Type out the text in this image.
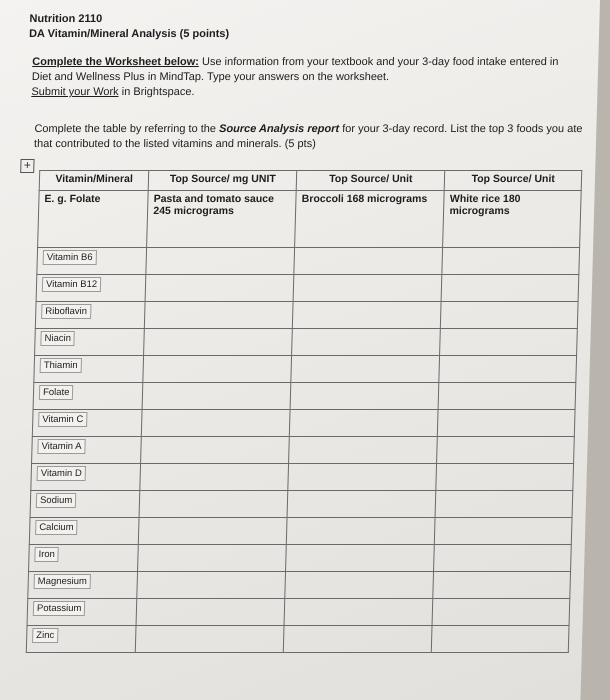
Nutrition 2110
DA Vitamin/Mineral Analysis (5 points)
Complete the Worksheet below: Use information from your textbook and your 3-day food intake entered in Diet and Wellness Plus in MindTap. Type your answers on the worksheet.
Submit your Work in Brightspace.
Complete the table by referring to the Source Analysis report for your 3-day record. List the top 3 foods you ate that contributed to the listed vitamins and minerals. (5 pts)
+
Vitamin/Mineral	Top Source/ mg UNIT	Top Source/ Unit	Top Source/ Unit
E. g. Folate	Pasta and tomato sauce 245 micrograms	Broccoli 168 micrograms	White rice 180 micrograms
Vitamin B6			
Vitamin B12			
Riboflavin			
Niacin			
Thiamin			
Folate			
Vitamin C			
Vitamin A			
Vitamin D			
Sodium			
Calcium			
Iron			
Magnesium			
Potassium			
Zinc			
